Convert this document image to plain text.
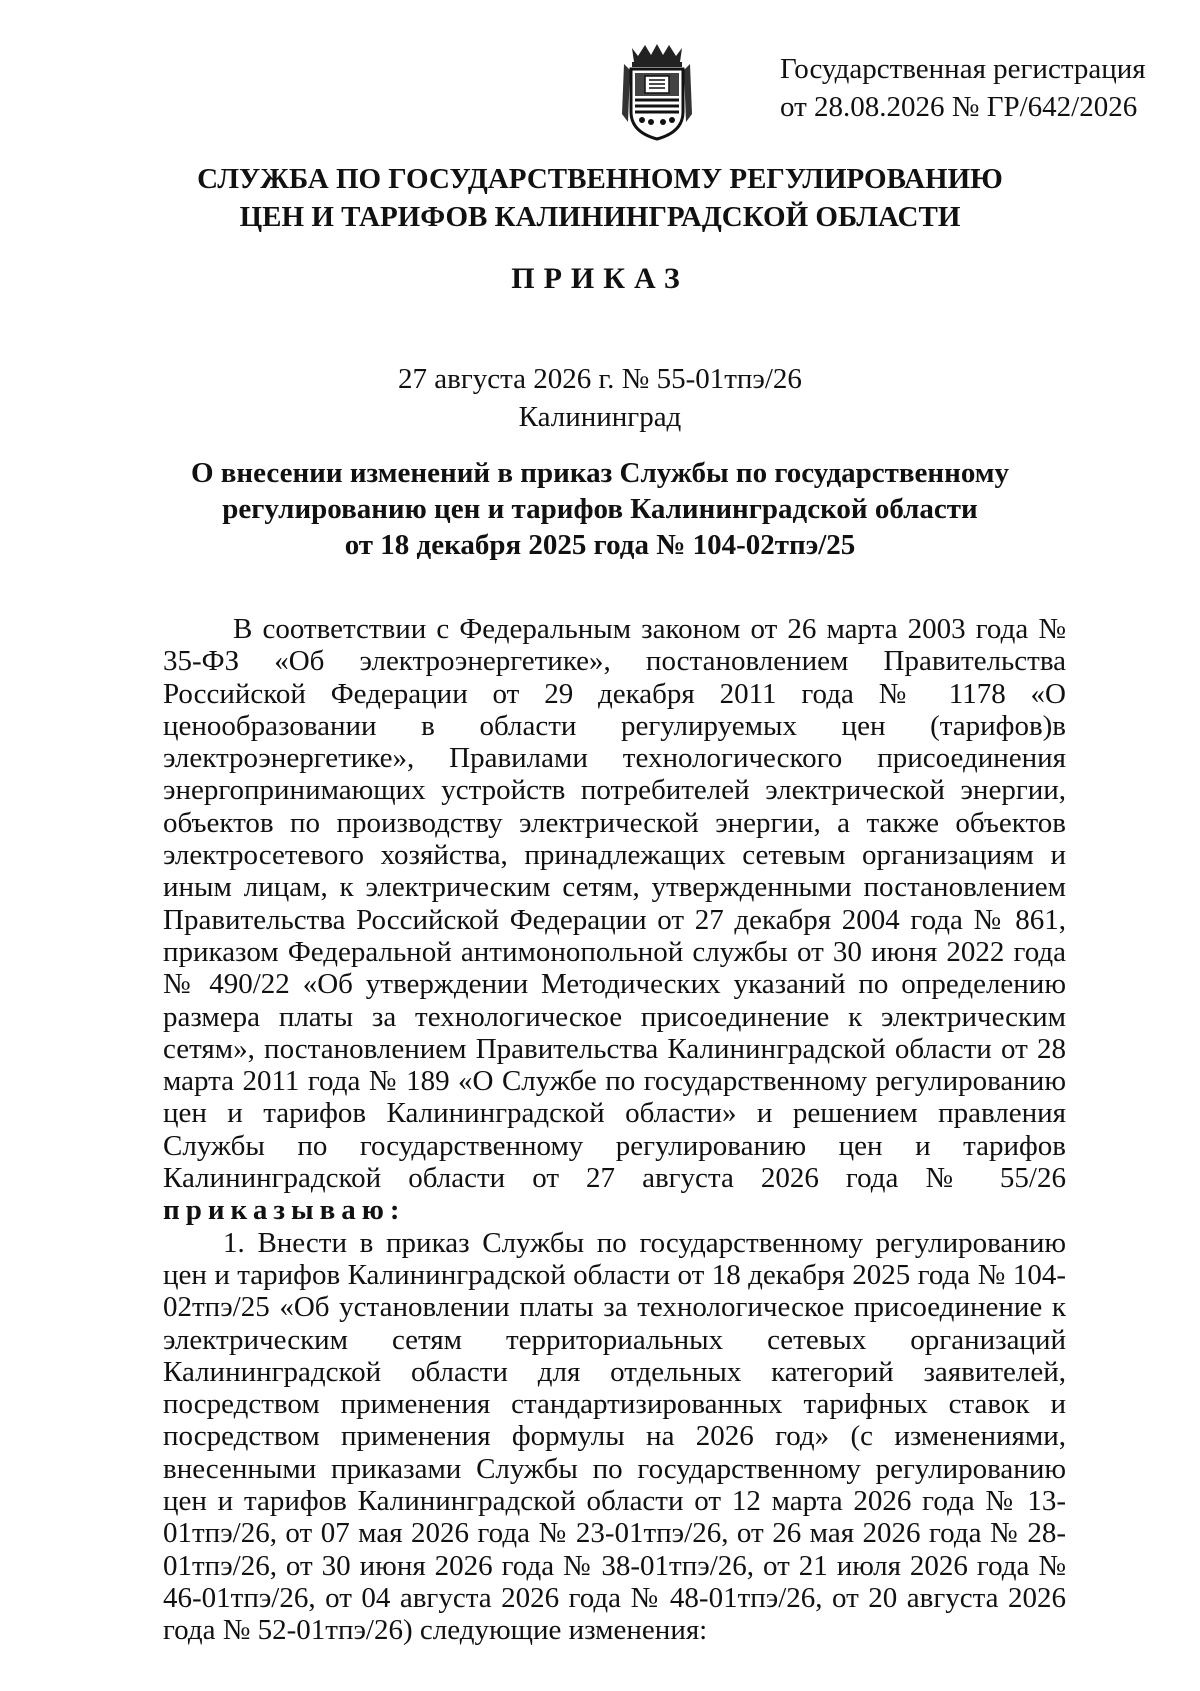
Государственная регистрация
от 28.08.2026 № ГР/642/2026
СЛУЖБА ПО ГОСУДАРСТВЕННОМУ РЕГУЛИРОВАНИЮ
ЦЕН И ТАРИФОВ КАЛИНИНГРАДСКОЙ ОБЛАСТИ
ПРИКАЗ
27 августа 2026 г. № 55-01тпэ/26
Калининград
О внесении изменений в приказ Службы по государственному
регулированию цен и тарифов Калининградской области
от 18 декабря 2025 года № 104-02тпэ/25

В соответствии с Федеральным законом от 26 марта 2003 года № 35-ФЗ «Об электроэнергетике», постановлением Правительства Российской Федерации от 29 декабря 2011 года № 1178 «О ценообразовании в области регулируемых цен (тарифов)в электроэнергетике», Правилами технологического присоединения энергопринимающих устройств потребителей электрической энергии, объектов по производству электрической энергии, а также объектов электросетевого хозяйства, принадлежащих сетевым организациям и иным лицам, к электрическим сетям, утвержденными постановлением Правительства Российской Федерации от 27 декабря 2004 года № 861, приказом Федеральной антимонопольной службы от 30 июня 2022 года № 490/22 «Об утверждении Методических указаний по определению размера платы за технологическое присоединение к электрическим сетям», постановлением Правительства Калининградской области от 28 марта 2011 года № 189 «О Службе по государственному регулированию цен и тарифов Калининградской области» и решением правления Службы по государственному регулированию цен и тарифов Калининградской области от 27 августа 2026 года № 55/26 приказываю:

1. Внести в приказ Службы по государственному регулированию цен и тарифов Калининградской области от 18 декабря 2025 года № 104-02тпэ/25 «Об установлении платы за технологическое присоединение к электрическим сетям территориальных сетевых организаций Калининградской области для отдельных категорий заявителей, посредством применения стандартизированных тарифных ставок и посредством применения формулы на 2026 год» (с изменениями, внесенными приказами Службы по государственному регулированию цен и тарифов Калининградской области от 12 марта 2026 года № 13-01тпэ/26, от 07 мая 2026 года № 23-01тпэ/26, от 26 мая 2026 года № 28-01тпэ/26, от 30 июня 2026 года № 38-01тпэ/26, от 21 июля 2026 года № 46-01тпэ/26, от 04 августа 2026 года № 48-01тпэ/26, от 20 августа 2026 года № 52-01тпэ/26) следующие изменения:
